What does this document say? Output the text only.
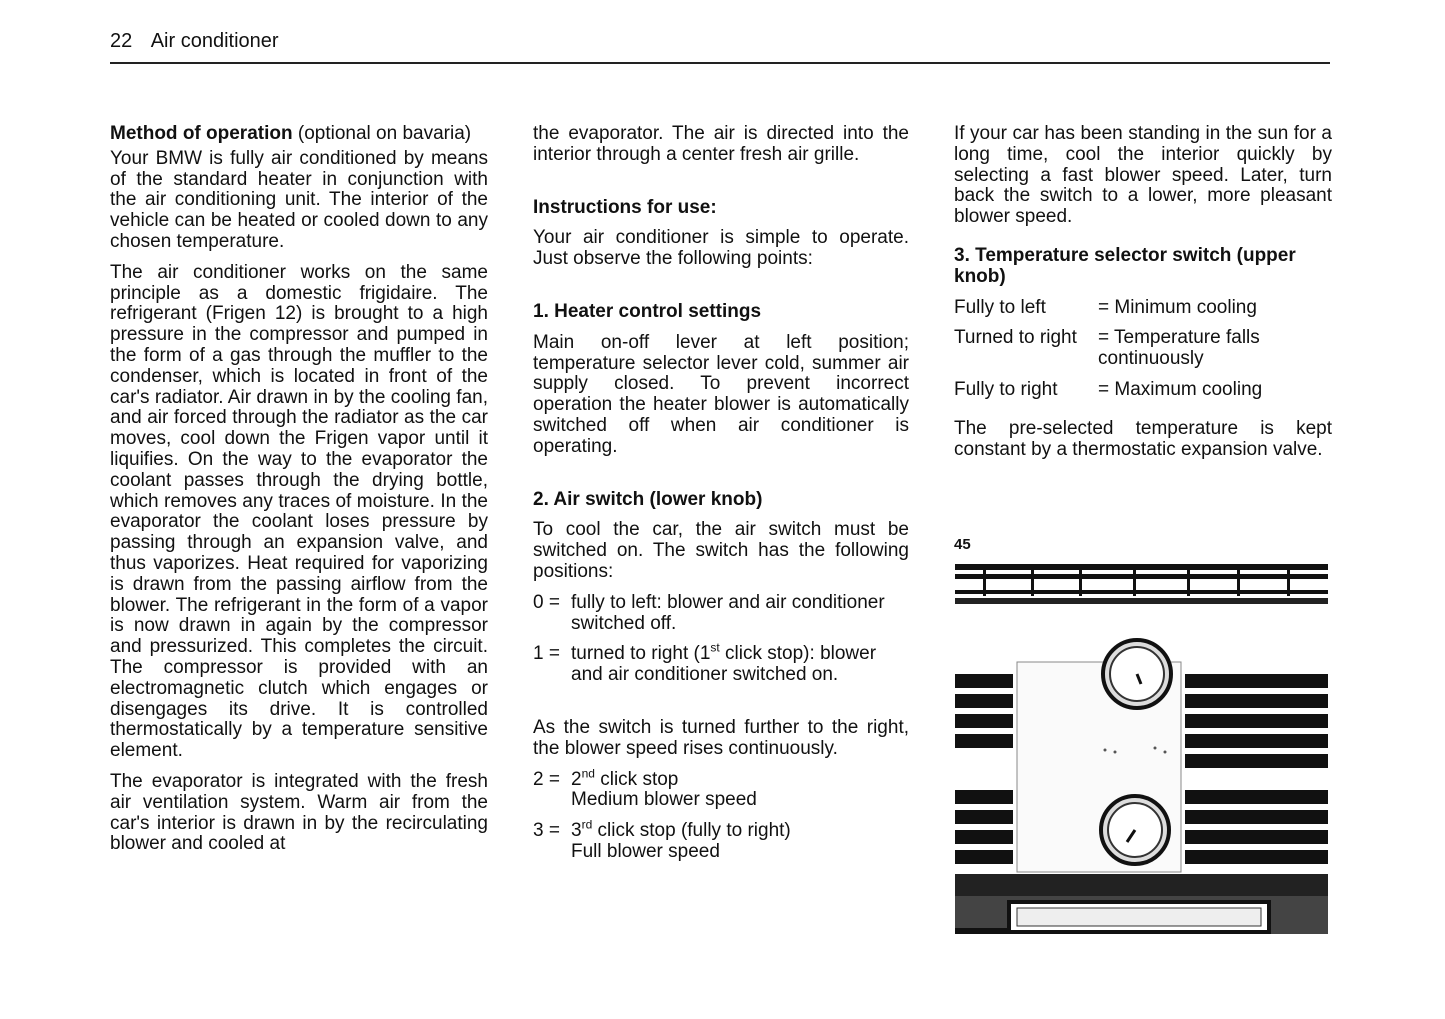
22 Air conditioner

Method of operation (optional on bavaria)

Your BMW is fully air conditioned by means of the standard heater in conjunction with the air conditioning unit. The interior of the vehicle can be heated or cooled down to any chosen temperature.

The air conditioner works on the same principle as a domestic frigidaire. The refrigerant (Frigen 12) is brought to a high pressure in the compressor and pumped in the form of a gas through the muffler to the condenser, which is located in front of the car's radiator. Air drawn in by the cooling fan, and air forced through the radiator as the car moves, cool down the Frigen vapor until it liquifies. On the way to the evaporator the coolant passes through the drying bottle, which removes any traces of moisture. In the evaporator the coolant loses pressure by passing through an expansion valve, and thus vaporizes. Heat required for vaporizing is drawn from the passing airflow from the blower. The refrigerant in the form of a vapor is now drawn in again by the compressor and pressurized. This completes the circuit. The compressor is provided with an electromagnetic clutch which engages or disengages its drive. It is controlled thermostatically by a temperature sensitive element.

The evaporator is integrated with the fresh air ventilation system. Warm air from the car's interior is drawn in by the recirculating blower and cooled at

the evaporator. The air is directed into the interior through a center fresh air grille.

Instructions for use:

Your air conditioner is simple to operate. Just observe the following points:

1. Heater control settings

Main on-off lever at left position; temperature selector lever cold, summer air supply closed. To prevent incorrect operation the heater blower is automatically switched off when air conditioner is operating.

2. Air switch (lower knob)

To cool the car, the air switch must be switched on. The switch has the following positions:

0 = fully to left: blower and air conditioner switched off.
1 = turned to right (1st click stop): blower and air conditioner switched on.

As the switch is turned further to the right, the blower speed rises continuously.

2 = 2nd click stop
Medium blower speed
3 = 3rd click stop (fully to right)
Full blower speed

If your car has been standing in the sun for a long time, cool the interior quickly by selecting a fast blower speed. Later, turn back the switch to a lower, more pleasant blower speed.

3. Temperature selector switch (upper knob)
Fully to left	= Minimum cooling
Turned to right	= Temperature falls continuously
Fully to right	= Maximum cooling

The pre-selected temperature is kept constant by a thermostatic expansion valve.

45
